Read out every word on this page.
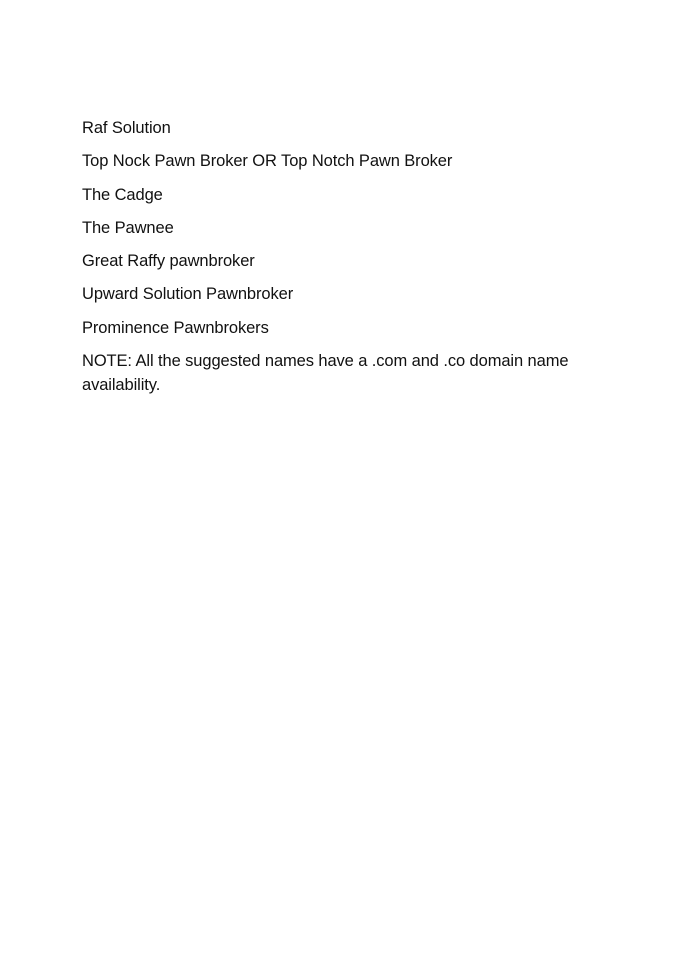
Raf Solution

Top Nock Pawn Broker OR Top Notch Pawn Broker

The Cadge

The Pawnee

Great Raffy pawnbroker

Upward Solution Pawnbroker

Prominence Pawnbrokers

NOTE: All the suggested names have a .com and .co domain name availability.
